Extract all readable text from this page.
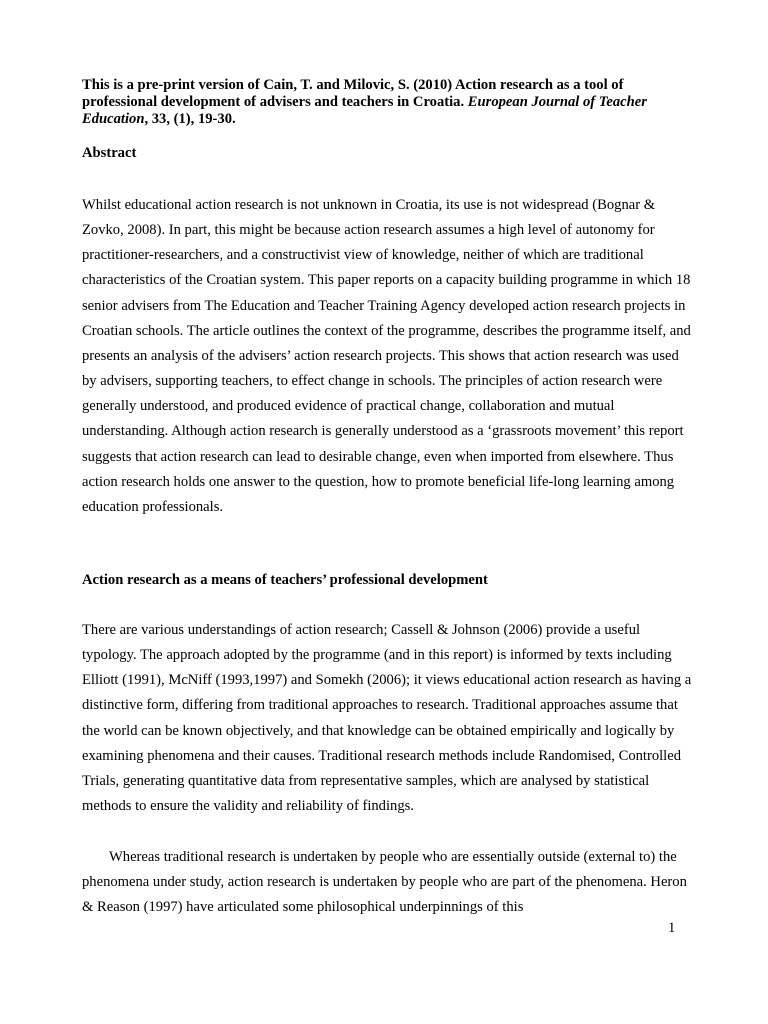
This is a pre-print version of Cain, T. and Milovic, S. (2010) Action research as a tool of professional development of advisers and teachers in Croatia. European Journal of Teacher Education, 33, (1), 19-30.
Abstract

Whilst educational action research is not unknown in Croatia, its use is not widespread (Bognar & Zovko, 2008). In part, this might be because action research assumes a high level of autonomy for practitioner-researchers, and a constructivist view of knowledge, neither of which are traditional characteristics of the Croatian system. This paper reports on a capacity building programme in which 18 senior advisers from The Education and Teacher Training Agency developed action research projects in Croatian schools. The article outlines the context of the programme, describes the programme itself, and presents an analysis of the advisers’ action research projects. This shows that action research was used by advisers, supporting teachers, to effect change in schools. The principles of action research were generally understood, and produced evidence of practical change, collaboration and mutual understanding. Although action research is generally understood as a ‘grassroots movement’ this report suggests that action research can lead to desirable change, even when imported from elsewhere. Thus action research holds one answer to the question, how to promote beneficial life-long learning among education professionals.

Action research as a means of teachers’ professional development

There are various understandings of action research; Cassell & Johnson (2006) provide a useful typology. The approach adopted by the programme (and in this report) is informed by texts including Elliott (1991), McNiff (1993,1997) and Somekh (2006); it views educational action research as having a distinctive form, differing from traditional approaches to research. Traditional approaches assume that the world can be known objectively, and that knowledge can be obtained empirically and logically by examining phenomena and their causes. Traditional research methods include Randomised, Controlled Trials, generating quantitative data from representative samples, which are analysed by statistical methods to ensure the validity and reliability of findings.

Whereas traditional research is undertaken by people who are essentially outside (external to) the phenomena under study, action research is undertaken by people who are part of the phenomena. Heron & Reason (1997) have articulated some philosophical underpinnings of this

1
